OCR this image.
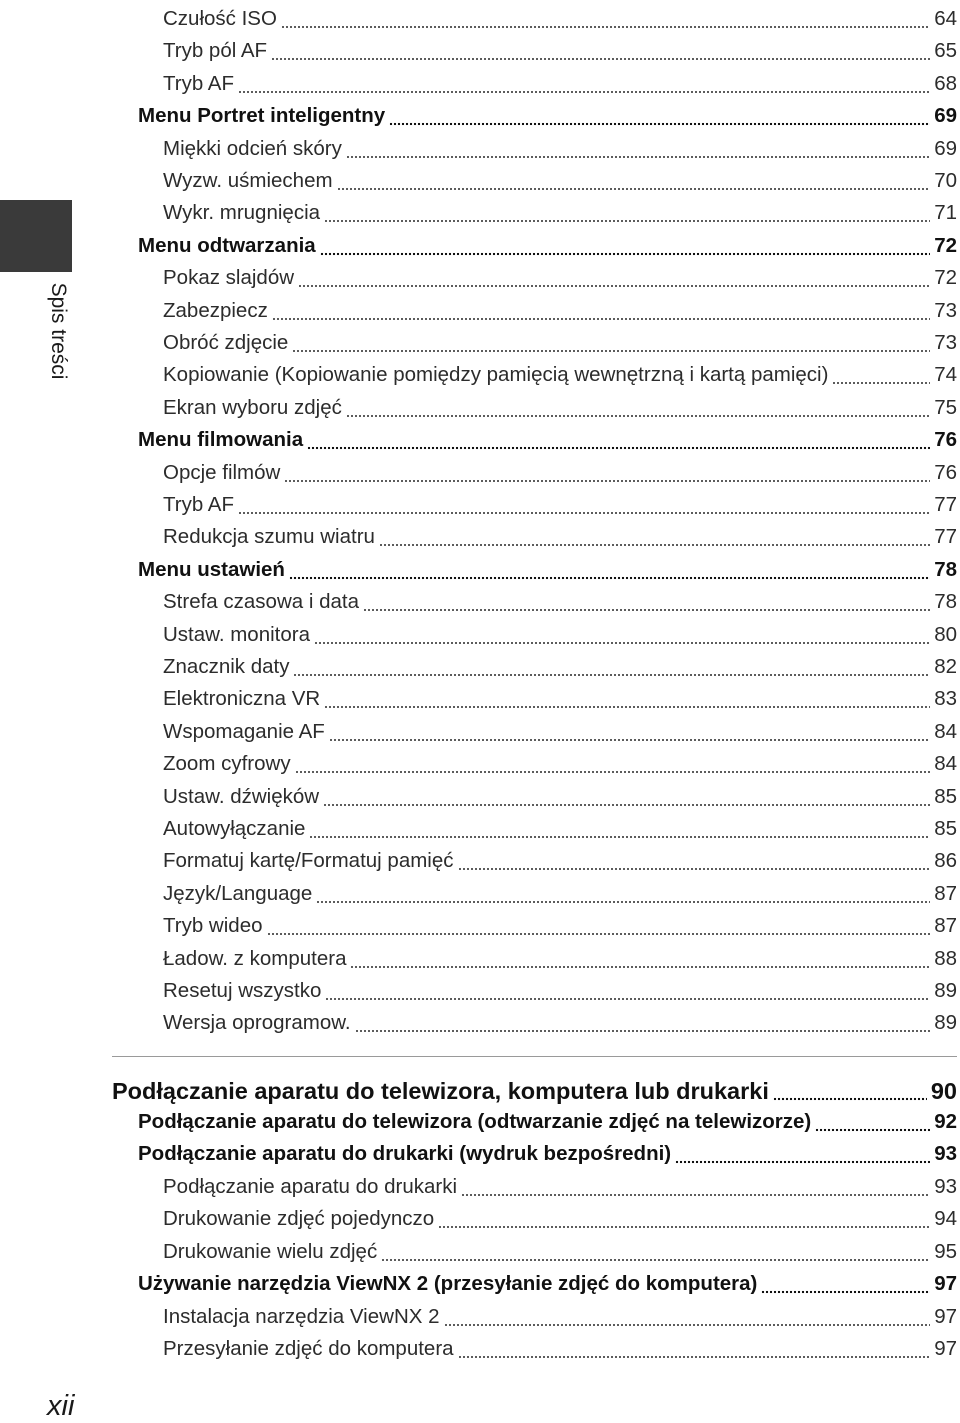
Spis treści
Czułość ISO	64
Tryb pól AF	65
Tryb AF	68
Menu Portret inteligentny	69
Miękki odcień skóry	69
Wyzw. uśmiechem	70
Wykr. mrugnięcia	71
Menu odtwarzania	72
Pokaz slajdów	72
Zabezpiecz	73
Obróć zdjęcie	73
Kopiowanie (Kopiowanie pomiędzy pamięcią wewnętrzną i kartą pamięci)	74
Ekran wyboru zdjęć	75
Menu filmowania	76
Opcje filmów	76
Tryb AF	77
Redukcja szumu wiatru	77
Menu ustawień	78
Strefa czasowa i data	78
Ustaw. monitora	80
Znacznik daty	82
Elektroniczna VR	83
Wspomaganie AF	84
Zoom cyfrowy	84
Ustaw. dźwięków	85
Autowyłączanie	85
Formatuj kartę/Formatuj pamięć	86
Język/Language	87
Tryb wideo	87
Ładow. z komputera	88
Resetuj wszystko	89
Wersja oprogramow.	89
Podłączanie aparatu do telewizora, komputera lub drukarki	90
Podłączanie aparatu do telewizora (odtwarzanie zdjęć na telewizorze)	92
Podłączanie aparatu do drukarki (wydruk bezpośredni)	93
Podłączanie aparatu do drukarki	93
Drukowanie zdjęć pojedynczo	94
Drukowanie wielu zdjęć	95
Używanie narzędzia ViewNX 2 (przesyłanie zdjęć do komputera)	97
Instalacja narzędzia ViewNX 2	97
Przesyłanie zdjęć do komputera	97
xii
